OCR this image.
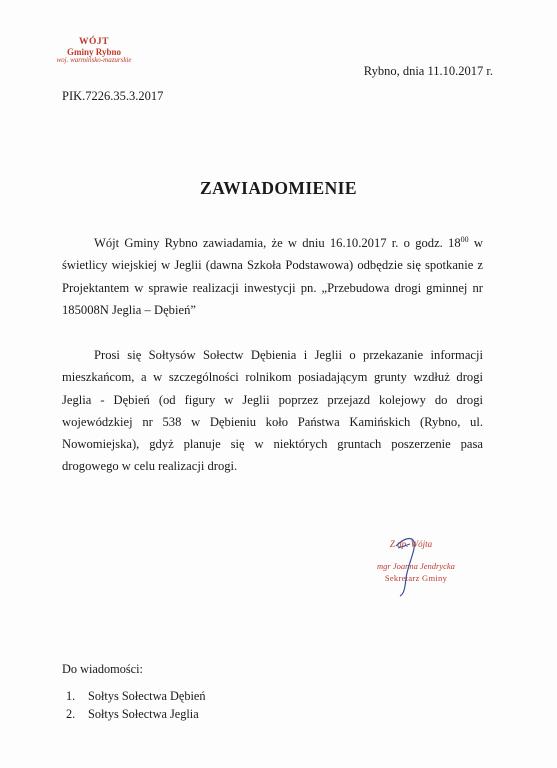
WÓJT
Gminy Rybno
woj. warmińsko-mazurskie
Rybno, dnia 11.10.2017 r.
PIK.7226.35.3.2017
ZAWIADOMIENIE

Wójt Gminy Rybno zawiadamia, że w dniu 16.10.2017 r. o godz. $18^{00}$ w świetlicy wiejskiej w Jeglii (dawna Szkoła Podstawowa) odbędzie się spotkanie z Projektantem w sprawie realizacji inwestycji pn. „Przebudowa drogi gminnej nr 185008N Jeglia – Dębień”

Prosi się Sołtysów Sołectw Dębienia i Jeglii o przekazanie informacji mieszkańcom, a w szczególności rolnikom posiadającym grunty wzdłuż drogi Jeglia - Dębień (od figury w Jeglii poprzez przejazd kolejowy do drogi wojewódzkiej nr 538 w Dębieniu koło Państwa Kamińskich (Rybno, ul. Nowomiejska), gdyż planuje się w niektórych gruntach poszerzenie pasa drogowego w celu realizacji drogi.

Z up. Wójta
mgr Joanna Jendrycka
Sekretarz Gminy
Do wiadomości:
1.	Sołtys Sołectwa Dębień
2.	Sołtys Sołectwa Jeglia
